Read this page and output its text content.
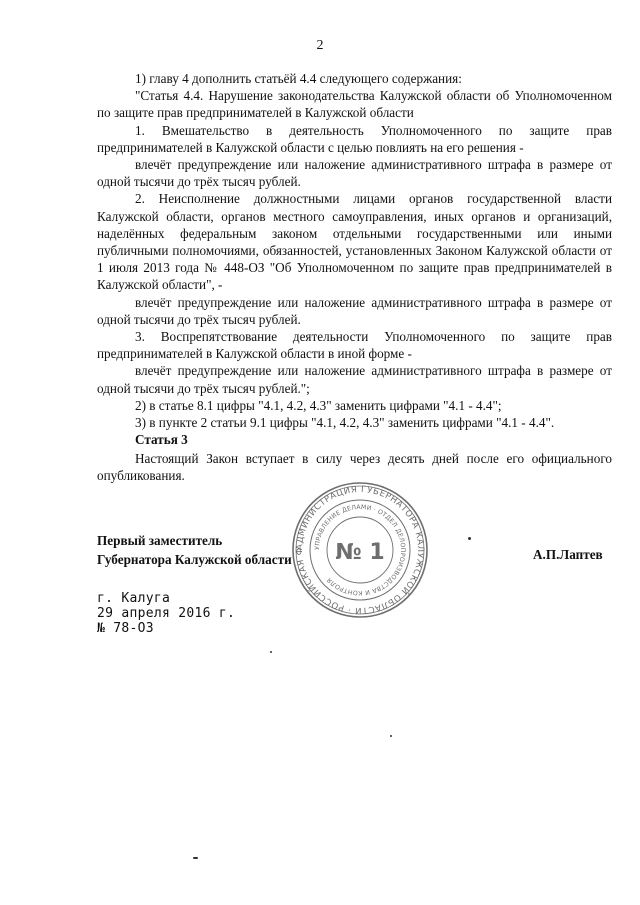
2

1) главу 4 дополнить статьёй 4.4 следующего содержания:

"Статья 4.4. Нарушение законодательства Калужской области об Уполномоченном по защите прав предпринимателей в Калужской области

1. Вмешательство в деятельность Уполномоченного по защите прав предпринимателей в Калужской области с целью повлиять на его решения -

влечёт предупреждение или наложение административного штрафа в размере от одной тысячи до трёх тысяч рублей.

2. Неисполнение должностными лицами органов государственной власти Калужской области, органов местного самоуправления, иных органов и организаций, наделённых федеральным законом отдельными государственными или иными публичными полномочиями, обязанностей, установленных Законом Калужской области от 1 июля 2013 года № 448-ОЗ "Об Уполномоченном по защите прав предпринимателей в Калужской области", -

влечёт предупреждение или наложение административного штрафа в размере от одной тысячи до трёх тысяч рублей.

3. Воспрепятствование деятельности Уполномоченного по защите прав предпринимателей в Калужской области в иной форме -

влечёт предупреждение или наложение административного штрафа в размере от одной тысячи до трёх тысяч рублей.";

2) в статье 8.1 цифры "4.1, 4.2, 4.3" заменить цифрами "4.1 - 4.4";

3) в пункте 2 статьи 9.1 цифры "4.1, 4.2, 4.3" заменить цифрами "4.1 - 4.4".

Статья 3
Настоящий Закон вступает в силу через десять дней после его официального опубликования.
Первый заместитель
Губернатора Калужской области	А.П.Лаптев
г. Калуга
29 апреля 2016 г.
№ 78-ОЗ
АДМИНИСТРАЦИЯ ГУБЕРНАТОРА КАЛУЖСКОЙ ОБЛАСТИ · РОССИЙСКАЯ Ф	УПРАВЛЕНИЕ ДЕЛАМИ · ОТДЕЛ ДЕЛОПРОИЗВОДСТВА И КОНТРОЛЯ
№ 1
